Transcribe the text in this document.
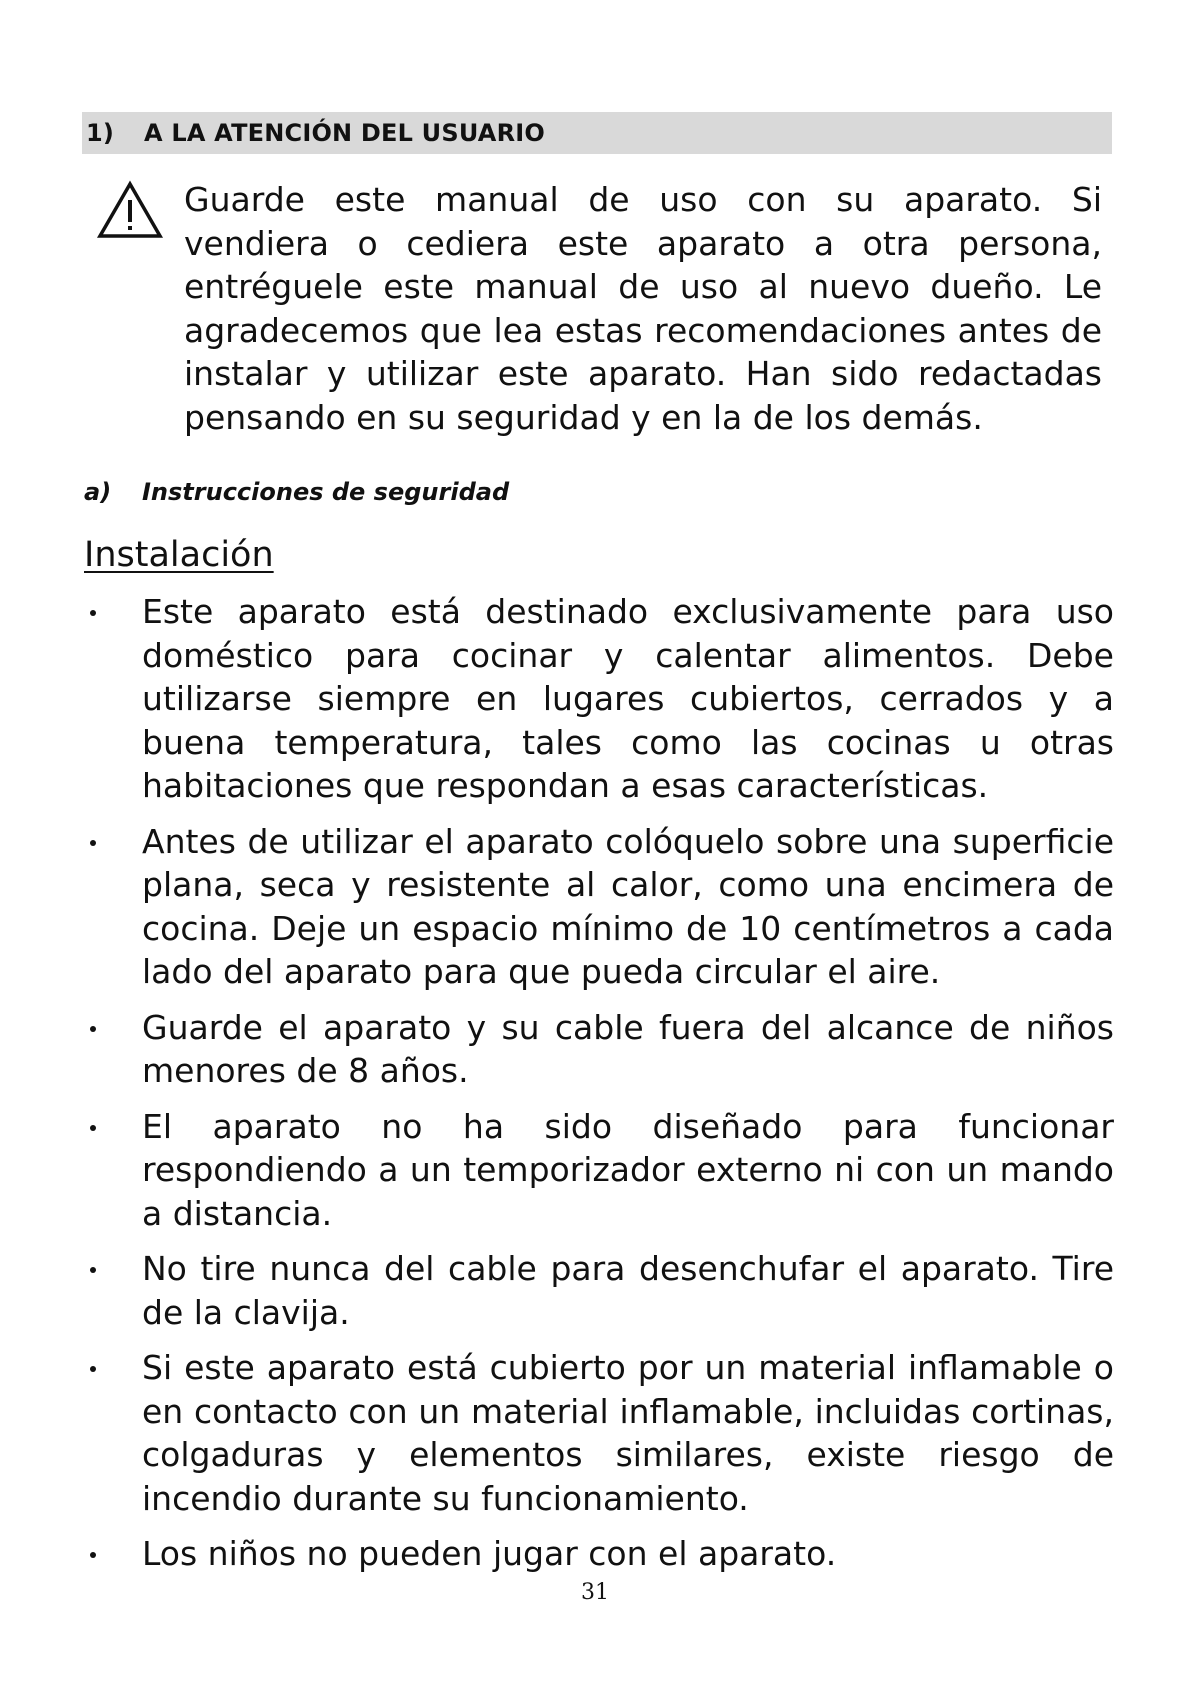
1)	A LA ATENCIÓN DEL USUARIO
Guarde este manual de uso con su aparato. Si vendiera o cediera este aparato a otra persona, entréguele este manual de uso al nuevo dueño. Le agradecemos que lea estas recomendaciones antes de instalar y utilizar este aparato. Han sido redactadas pensando en su seguridad y en la de los demás.
a) Instrucciones de seguridad
Instalación
Este aparato está destinado exclusivamente para uso doméstico para cocinar y calentar alimentos. Debe utilizarse siempre en lugares cubiertos, cerrados y a buena temperatura, tales como las cocinas u otras habitaciones que respondan a esas características.
Antes de utilizar el aparato colóquelo sobre una superficie plana, seca y resistente al calor, como una encimera de cocina. Deje un espacio mínimo de 10 centímetros a cada lado del aparato para que pueda circular el aire.
Guarde el aparato y su cable fuera del alcance de niños menores de 8 años.
El aparato no ha sido diseñado para funcionar respondiendo a un temporizador externo ni con un mando a distancia.
No tire nunca del cable para desenchufar el aparato. Tire de la clavija.
Si este aparato está cubierto por un material inflamable o en contacto con un material inflamable, incluidas cortinas, colgaduras y elementos similares, existe riesgo de incendio durante su funcionamiento.
Los niños no pueden jugar con el aparato.
31
